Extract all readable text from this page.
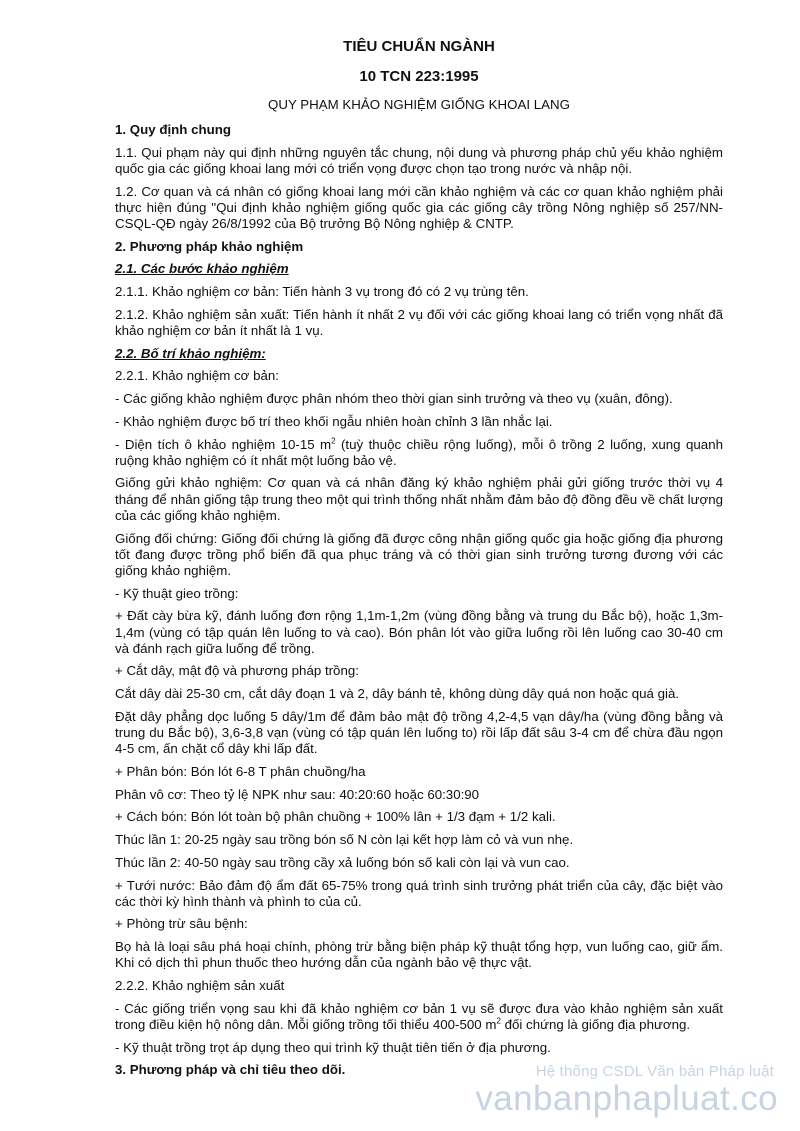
TIÊU CHUẨN NGÀNH
10 TCN 223:1995
QUY PHẠM KHẢO NGHIỆM GIỐNG KHOAI LANG

1. Quy định chung

1.1. Qui phạm này qui định những nguyên tắc chung, nội dung và phương pháp chủ yếu khảo nghiệm quốc gia các giống khoai lang mới có triển vọng được chọn tạo trong nước và nhập nội.

1.2. Cơ quan và cá nhân có giống khoai lang mới cần khảo nghiệm và các cơ quan khảo nghiệm phải thực hiện đúng "Qui định khảo nghiệm giống quốc gia các giống cây trồng Nông nghiệp số 257/NN-CSQL-QĐ ngày 26/8/1992 của Bộ trưởng Bộ Nông nghiệp & CNTP.

2. Phương pháp khảo nghiệm

2.1. Các bước khảo nghiệm

2.1.1. Khảo nghiệm cơ bản: Tiến hành 3 vụ trong đó có 2 vụ trùng tên.

2.1.2. Khảo nghiệm sản xuất: Tiến hành ít nhất 2 vụ đối với các giống khoai lang có triển vọng nhất đã khảo nghiệm cơ bản ít nhất là 1 vụ.

2.2. Bố trí khảo nghiệm:

2.2.1. Khảo nghiệm cơ bản:

- Các giống khảo nghiệm được phân nhóm theo thời gian sinh trưởng và theo vụ (xuân, đông).

- Khảo nghiệm được bố trí theo khối ngẫu nhiên hoàn chỉnh 3 lần nhắc lại.

- Diện tích ô khảo nghiệm 10-15 $m^2$ (tuỳ thuộc chiều rộng luống), mỗi ô trồng 2 luống, xung quanh ruộng khảo nghiệm có ít nhất một luống bảo vệ.

Giống gửi khảo nghiệm: Cơ quan và cá nhân đăng ký khảo nghiệm phải gửi giống trước thời vụ 4 tháng để nhân giống tập trung theo một qui trình thống nhất nhằm đảm bảo độ đồng đều về chất lượng của các giống khảo nghiệm.

Giống đối chứng: Giống đối chứng là giống đã được công nhận giống quốc gia hoặc giống địa phương tốt đang được trồng phổ biến đã qua phục tráng và có thời gian sinh trưởng tương đương với các giống khảo nghiệm.

- Kỹ thuật gieo trồng:

+ Đất cày bừa kỹ, đánh luống đơn rộng 1,1m-1,2m (vùng đồng bằng và trung du Bắc bộ), hoặc 1,3m-1,4m (vùng có tập quán lên luống to và cao). Bón phân lót vào giữa luống rồi lên luống cao 30-40 cm và đánh rạch giữa luống để trồng.

+ Cắt dây, mật độ và phương pháp trồng:

Cắt dây dài 25-30 cm, cắt dây đoạn 1 và 2, dây bánh tẻ, không dùng dây quá non hoặc quá già.

Đặt dây phẳng dọc luống 5 dây/1m để đảm bảo mật độ trồng 4,2-4,5 vạn dây/ha (vùng đồng bằng và trung du Bắc bộ), 3,6-3,8 vạn (vùng có tập quán lên luống to) rồi lấp đất sâu 3-4 cm để chừa đầu ngọn 4-5 cm, ấn chặt cổ dây khi lấp đất.

+ Phân bón: Bón lót 6-8 T phân chuồng/ha

Phân vô cơ: Theo tỷ lệ NPK như sau: 40:20:60 hoặc 60:30:90

+ Cách bón: Bón lót toàn bộ phân chuồng + 100% lân + 1/3 đạm + 1/2 kali.

Thúc lần 1: 20-25 ngày sau trồng bón số N còn lại kết hợp làm cỏ và vun nhẹ.

Thúc lần 2: 40-50 ngày sau trồng cầy xả luống bón số kali còn lại và vun cao.

+ Tưới nước: Bảo đảm độ ẩm đất 65-75% trong quá trình sinh trưởng phát triển của cây, đặc biệt vào các thời kỳ hình thành và phình to của củ.

+ Phòng trừ sâu bệnh:

Bọ hà là loại sâu phá hoại chính, phòng trừ bằng biện pháp kỹ thuật tổng hợp, vun luống cao, giữ ẩm. Khi có dịch thì phun thuốc theo hướng dẫn của ngành bảo vệ thực vật.

2.2.2. Khảo nghiệm sản xuất

- Các giống triển vọng sau khi đã khảo nghiệm cơ bản 1 vụ sẽ được đưa vào khảo nghiệm sản xuất trong điều kiện hộ nông dân. Mỗi giống trồng tối thiểu 400-500 $m^2$ đối chứng là giống địa phương.

- Kỹ thuật trồng trọt áp dụng theo qui trình kỹ thuật tiên tiến ở địa phương.

3. Phương pháp và chỉ tiêu theo dõi.	Hệ thống CSDL Văn bản Pháp luật
vanbanphapluat.co
